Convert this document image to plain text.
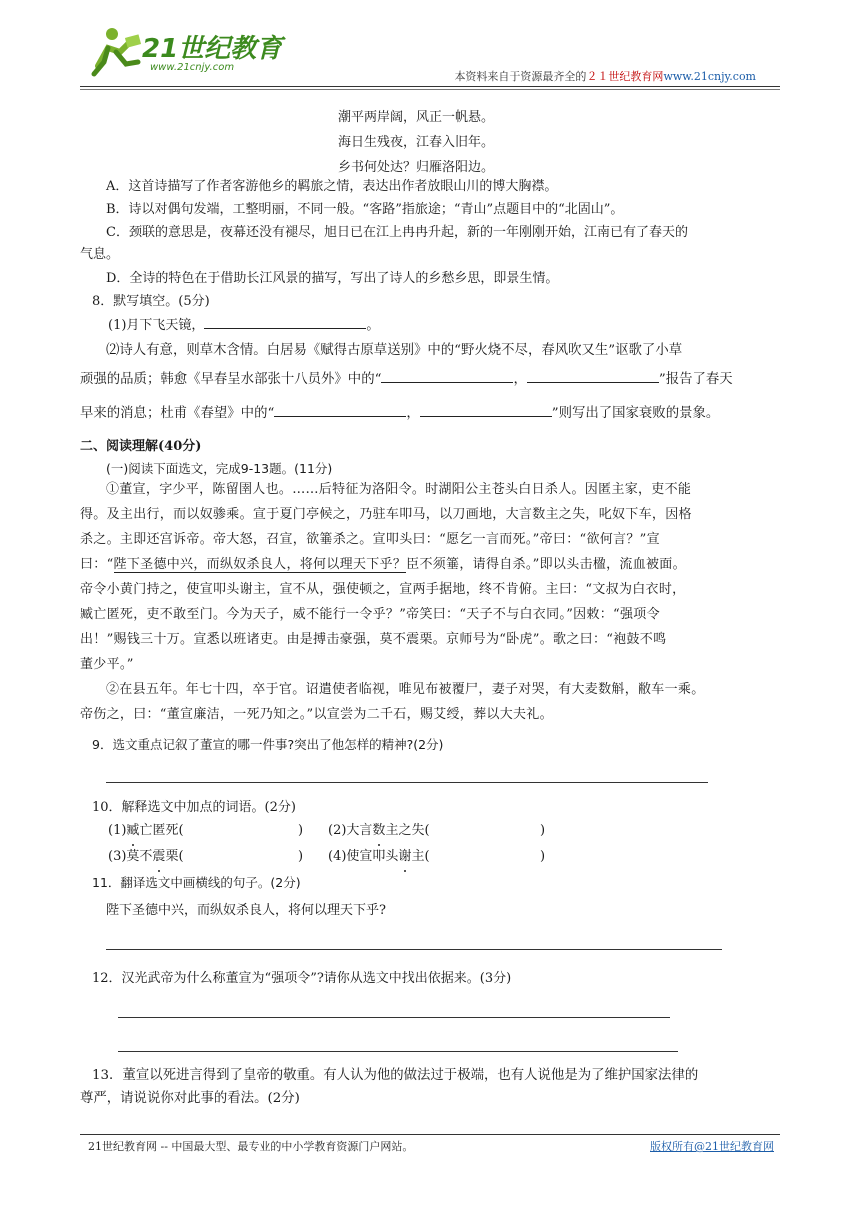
21世纪教育
www.21cnjy.com
本资料来自于资源最齐全的２１世纪教育网www.21cnjy.com
潮平两岸阔，风正一帆悬。
海日生残夜，江春入旧年。
乡书何处达？归雁洛阳边。
A．这首诗描写了作者客游他乡的羁旅之情，表达出作者放眼山川的博大胸襟。
B．诗以对偶句发端，工整明丽，不同一般。“客路”指旅途；“青山”点题目中的“北固山”。
C．颈联的意思是，夜幕还没有褪尽，旭日已在江上冉冉升起，新的一年刚刚开始，江南已有了春天的
气息。
D．全诗的特色在于借助长江风景的描写，写出了诗人的乡愁乡思，即景生情。
8．默写填空。(5分)
(1)月下飞天镜，	。
⑵诗人有意，则草木含情。白居易《赋得古原草送别》中的“野火烧不尽，春风吹又生”讴歌了小草
顽强的品质；韩愈《早春呈水部张十八员外》中的“	，	”报告了春天
早来的消息；杜甫《春望》中的“	，	”则写出了国家衰败的景象。
二、阅读理解(40分)
(一)阅读下面选文，完成9-13题。(11分)
①董宣，字少平，陈留圉人也。……后特征为洛阳令。时湖阳公主苍头白日杀人。因匿主家，吏不能
得。及主出行，而以奴骖乘。宣于夏门亭候之，乃驻车叩马，以刀画地，大言数主之失，叱奴下车，因格
杀之。主即还宫诉帝。帝大怒，召宣，欲箠杀之。宣叩头曰：“愿乞一言而死。”帝曰：“欲何言？”宣
曰：“陛下圣德中兴，而纵奴杀良人，将何以理天下乎？臣不须箠，请得自杀。”即以头击楹，流血被面。
帝令小黄门持之，使宣叩头谢主，宣不从，强使顿之，宣两手据地，终不肯俯。主曰：“文叔为白衣时，
臧亡匿死，吏不敢至门。今为天子，威不能行一令乎？”帝笑曰：“天子不与白衣同。”因敕：“强项令
出！”赐钱三十万。宣悉以班诸吏。由是搏击豪强，莫不震栗。京师号为“卧虎”。歌之曰：“袍鼓不鸣
董少平。”
②在县五年。年七十四，卒于官。诏遣使者临视，唯见布被覆尸，妻子对哭，有大麦数斛，敝车一乘。
帝伤之，曰：“董宣廉洁，一死乃知之。”以宣尝为二千石，赐艾绶，葬以大夫礼。
9．选文重点记叙了董宣的哪一件事?突出了他怎样的精神?(2分)
10．解释选文中加点的词语。(2分)
(1)臧亡匿死(	) (2)大言数主之失(	)
(3)莫不震栗(	) (4)使宣叩头谢主(	)
11．翻译选文中画横线的句子。(2分)
陛下圣德中兴，而纵奴杀良人，将何以理天下乎?
12．汉光武帝为什么称董宣为“强项令”?请你从选文中找出依据来。(3分)
13．董宣以死进言得到了皇帝的敬重。有人认为他的做法过于极端，也有人说他是为了维护国家法律的
尊严，请说说你对此事的看法。(2分)
21世纪教育网 -- 中国最大型、最专业的中小学教育资源门户网站。	版权所有@21世纪教育网
